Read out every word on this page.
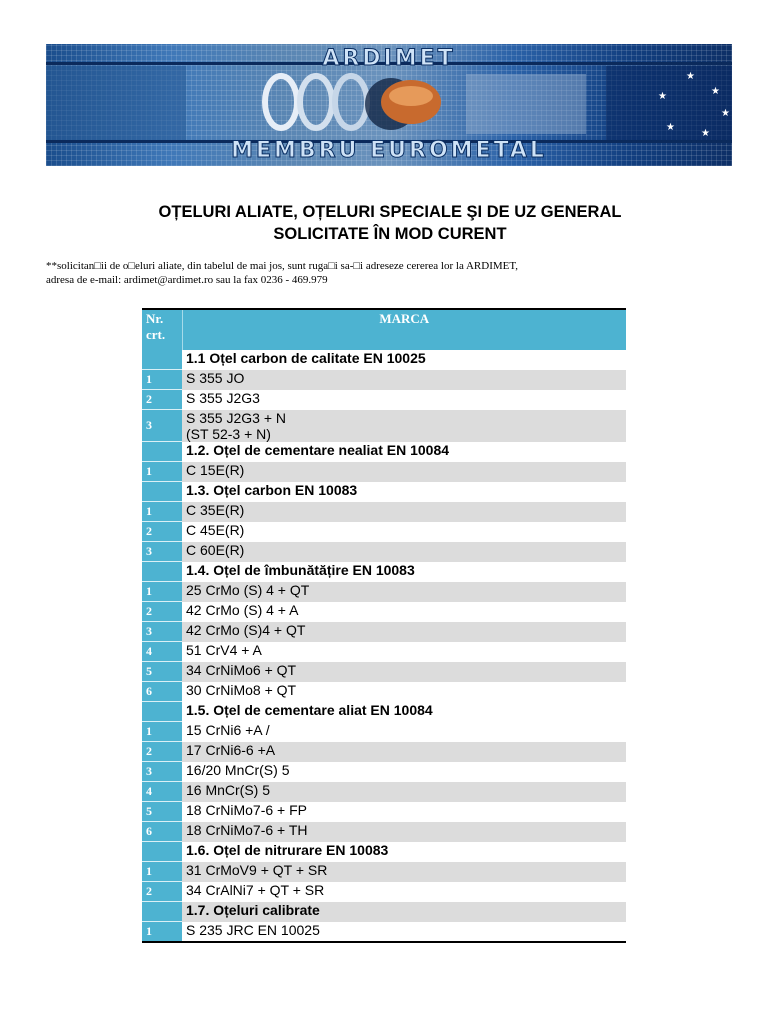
★
★
★
★
★
★
ARDIMET
MEMBRU EUROMETAL
OȚELURI ALIATE, OȚELURI SPECIALE ŞI DE UZ GENERAL
SOLICITATE ÎN MOD CURENT
**solicitan□ii de o□eluri aliate, din tabelul de mai jos, sunt ruga□i sa-□i adreseze cererea lor la ARDIMET,
adresa de e-mail: ardimet@ardimet.ro sau la fax 0236 - 469.979
Nr. crt.	MARCA

	1.1 Oțel carbon de calitate EN 10025

1	S 355 JO

2	S 355 J2G3

3	S 355 J2G3 + N
(ST 52-3 + N)

	1.2. Oțel de cementare nealiat EN 10084

1	C 15E(R)

	1.3. Oțel carbon EN 10083

1	C 35E(R)

2	C 45E(R)

3	C 60E(R)

	1.4. Oțel de îmbunătățire EN 10083

1	25 CrMo (S) 4 + QT

2	42 CrMo (S) 4 + A

3	42 CrMo (S)4 + QT

4	51 CrV4 + A

5	34 CrNiMo6 + QT

6	30 CrNiMo8 + QT

	1.5. Oțel de cementare aliat EN 10084

1	15 CrNi6 +A /

2	17 CrNi6-6 +A

3	16/20 MnCr(S) 5

4	16 MnCr(S) 5

5	18 CrNiMo7-6 + FP

6	18 CrNiMo7-6 + TH

	1.6. Oțel de nitrurare EN 10083

1	31 CrMoV9 + QT + SR

2	34 CrAlNi7 + QT + SR

	1.7. Oțeluri calibrate

1	S 235 JRC EN 10025
